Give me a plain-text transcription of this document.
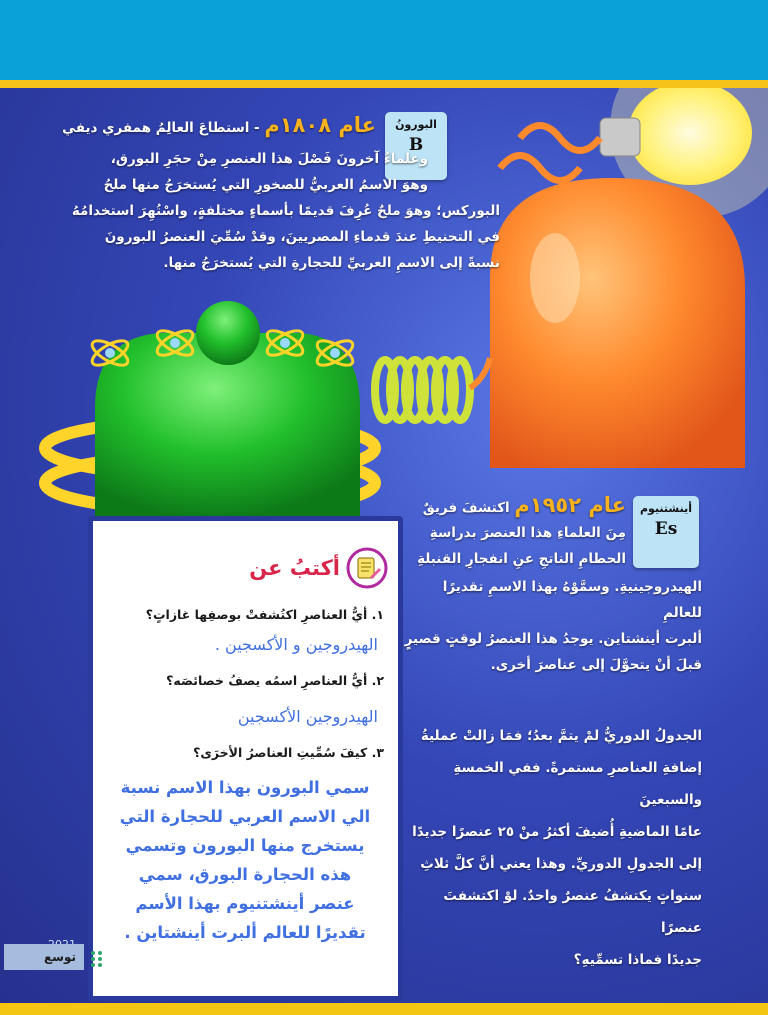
البورونُ
B
عام ١٨٠٨م - استطاعَ العالِمُ همفري ديفي
وعلماءُ آخرونَ فَصْلَ هذا العنصرِ مِنْ حجَرِ البورق،
وهوَ الاسمُ العربيُّ للصخورِ التي يُستخرَجُ منها ملحُ
البوركس؛ وهوَ ملحٌ عُرِفَ قديمًا بأسماءٍ مختلفةٍ، واسْتُهِرَ استخدامُهُ
في التحنيطِ عندَ قدماءِ المصريينَ، وقدْ سُمِّيَ العنصرُ البورونَ
نسبةً إلى الاسمِ العربيِّ للحجارةِ التي يُستخرَجُ منها.
أينشتنيوم
Es
عام ١٩٥٢م اكتشفَ فريقٌ
مِنَ العلماءِ هذا العنصرَ بدراسةِ
الحطامِ الناتجِ عنِ انفجارِ القنبلةِ
الهيدروجينيةِ. وسمَّوْهُ بهذا الاسمِ تقديرًا للعالمِ
ألبرت أينشتاين. يوجدُ هذا العنصرُ لوقتٍ قصيرٍ
قبلَ أنْ يتحوَّلَ إلى عناصرَ أخرى.
الجدولُ الدوريُّ لمْ يتمَّ بعدُ؛ فمَا زالتْ عمليةُ
إضافةِ العناصرِ مستمرةً. ففي الخمسةِ والسبعينَ
عامًا الماضيةِ أُضيفَ أكثرُ منْ ٢٥ عنصرًا جديدًا
إلى الجدولِ الدوريِّ. وهذا يعني أنَّ كلَّ ثلاثِ
سنواتٍ يكتشفُ عنصرٌ واحدٌ. لوْ اكتشفتَ عنصرًا
جديدًا فماذا تسمِّيهِ؟
أكتبُ عن
١. أيُّ العناصرِ اكتُشفتْ بوصفِها غازاتٍ؟
الهيدروجين و الأكسجين .
٢. أيُّ العناصرِ اسمُه يصفُ خصائصَه؟
الهيدروجين الأكسجين
٣. كيفَ سُمِّيتِ العناصرُ الأخرَى؟
سمي البورون بهذا الاسم نسبة
الي الاسم العربي للحجارة التي
يستخرج منها البورون وتسمي
هذه الحجارة البورق، سمي
عنصر أينشتنيوم بهذا الأسم
تقديرًا للعالم ألبرت أينشتاين .
توسع
